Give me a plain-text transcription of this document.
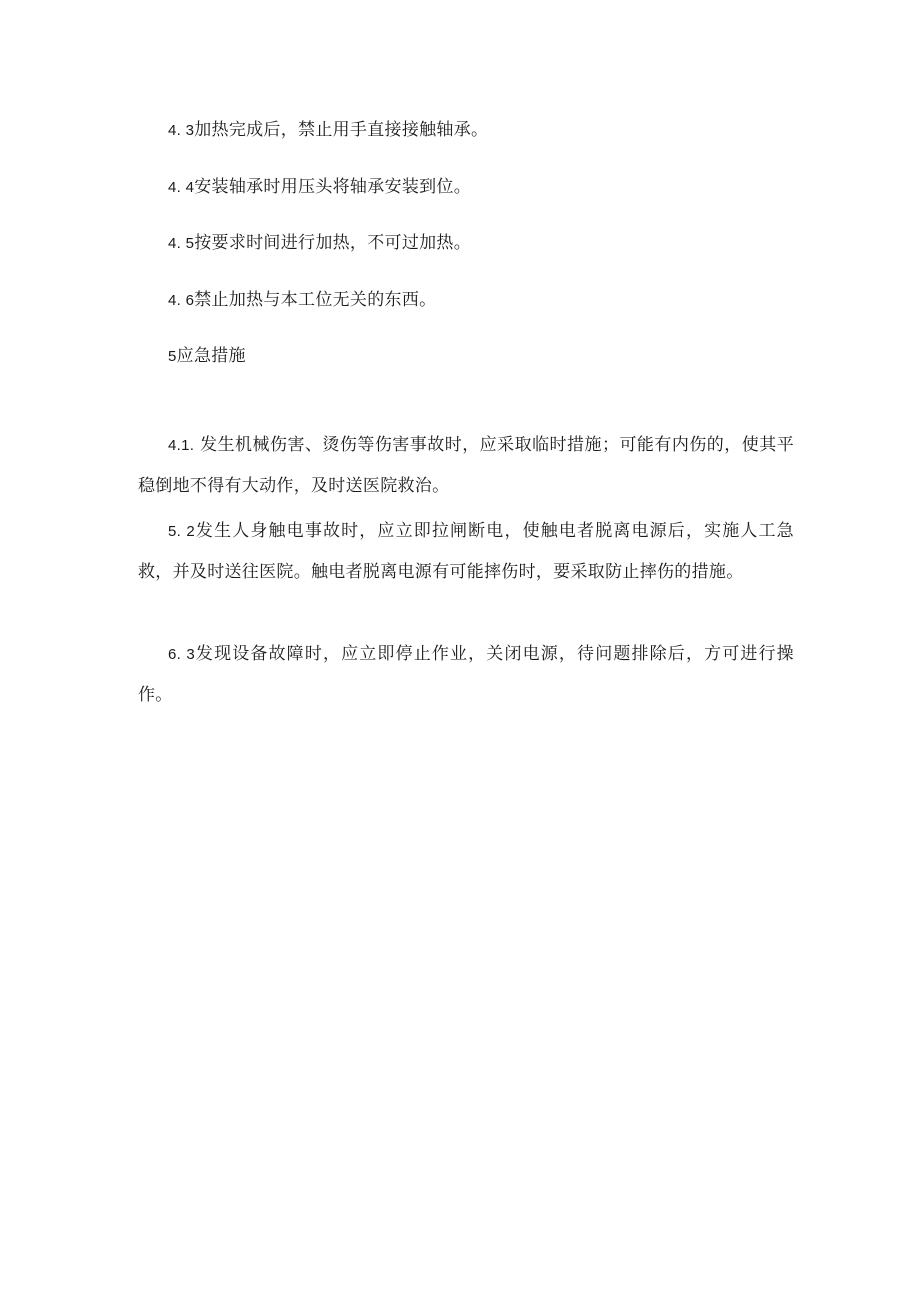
4. 3加热完成后，禁止用手直接接触轴承。
4. 4安装轴承时用压头将轴承安装到位。
4. 5按要求时间进行加热，不可过加热。
4. 6禁止加热与本工位无关的东西。
5应急措施
4.1. 发生机械伤害、烫伤等伤害事故时，应采取临时措施；可能有内伤的，使其平稳倒地不得有大动作，及时送医院救治。
5. 2发生人身触电事故时，应立即拉闸断电，使触电者脱离电源后，实施人工急救，并及时送往医院。触电者脱离电源有可能摔伤时，要采取防止摔伤的措施。
6. 3发现设备故障时，应立即停止作业，关闭电源，待问题排除后，方可进行操作。
